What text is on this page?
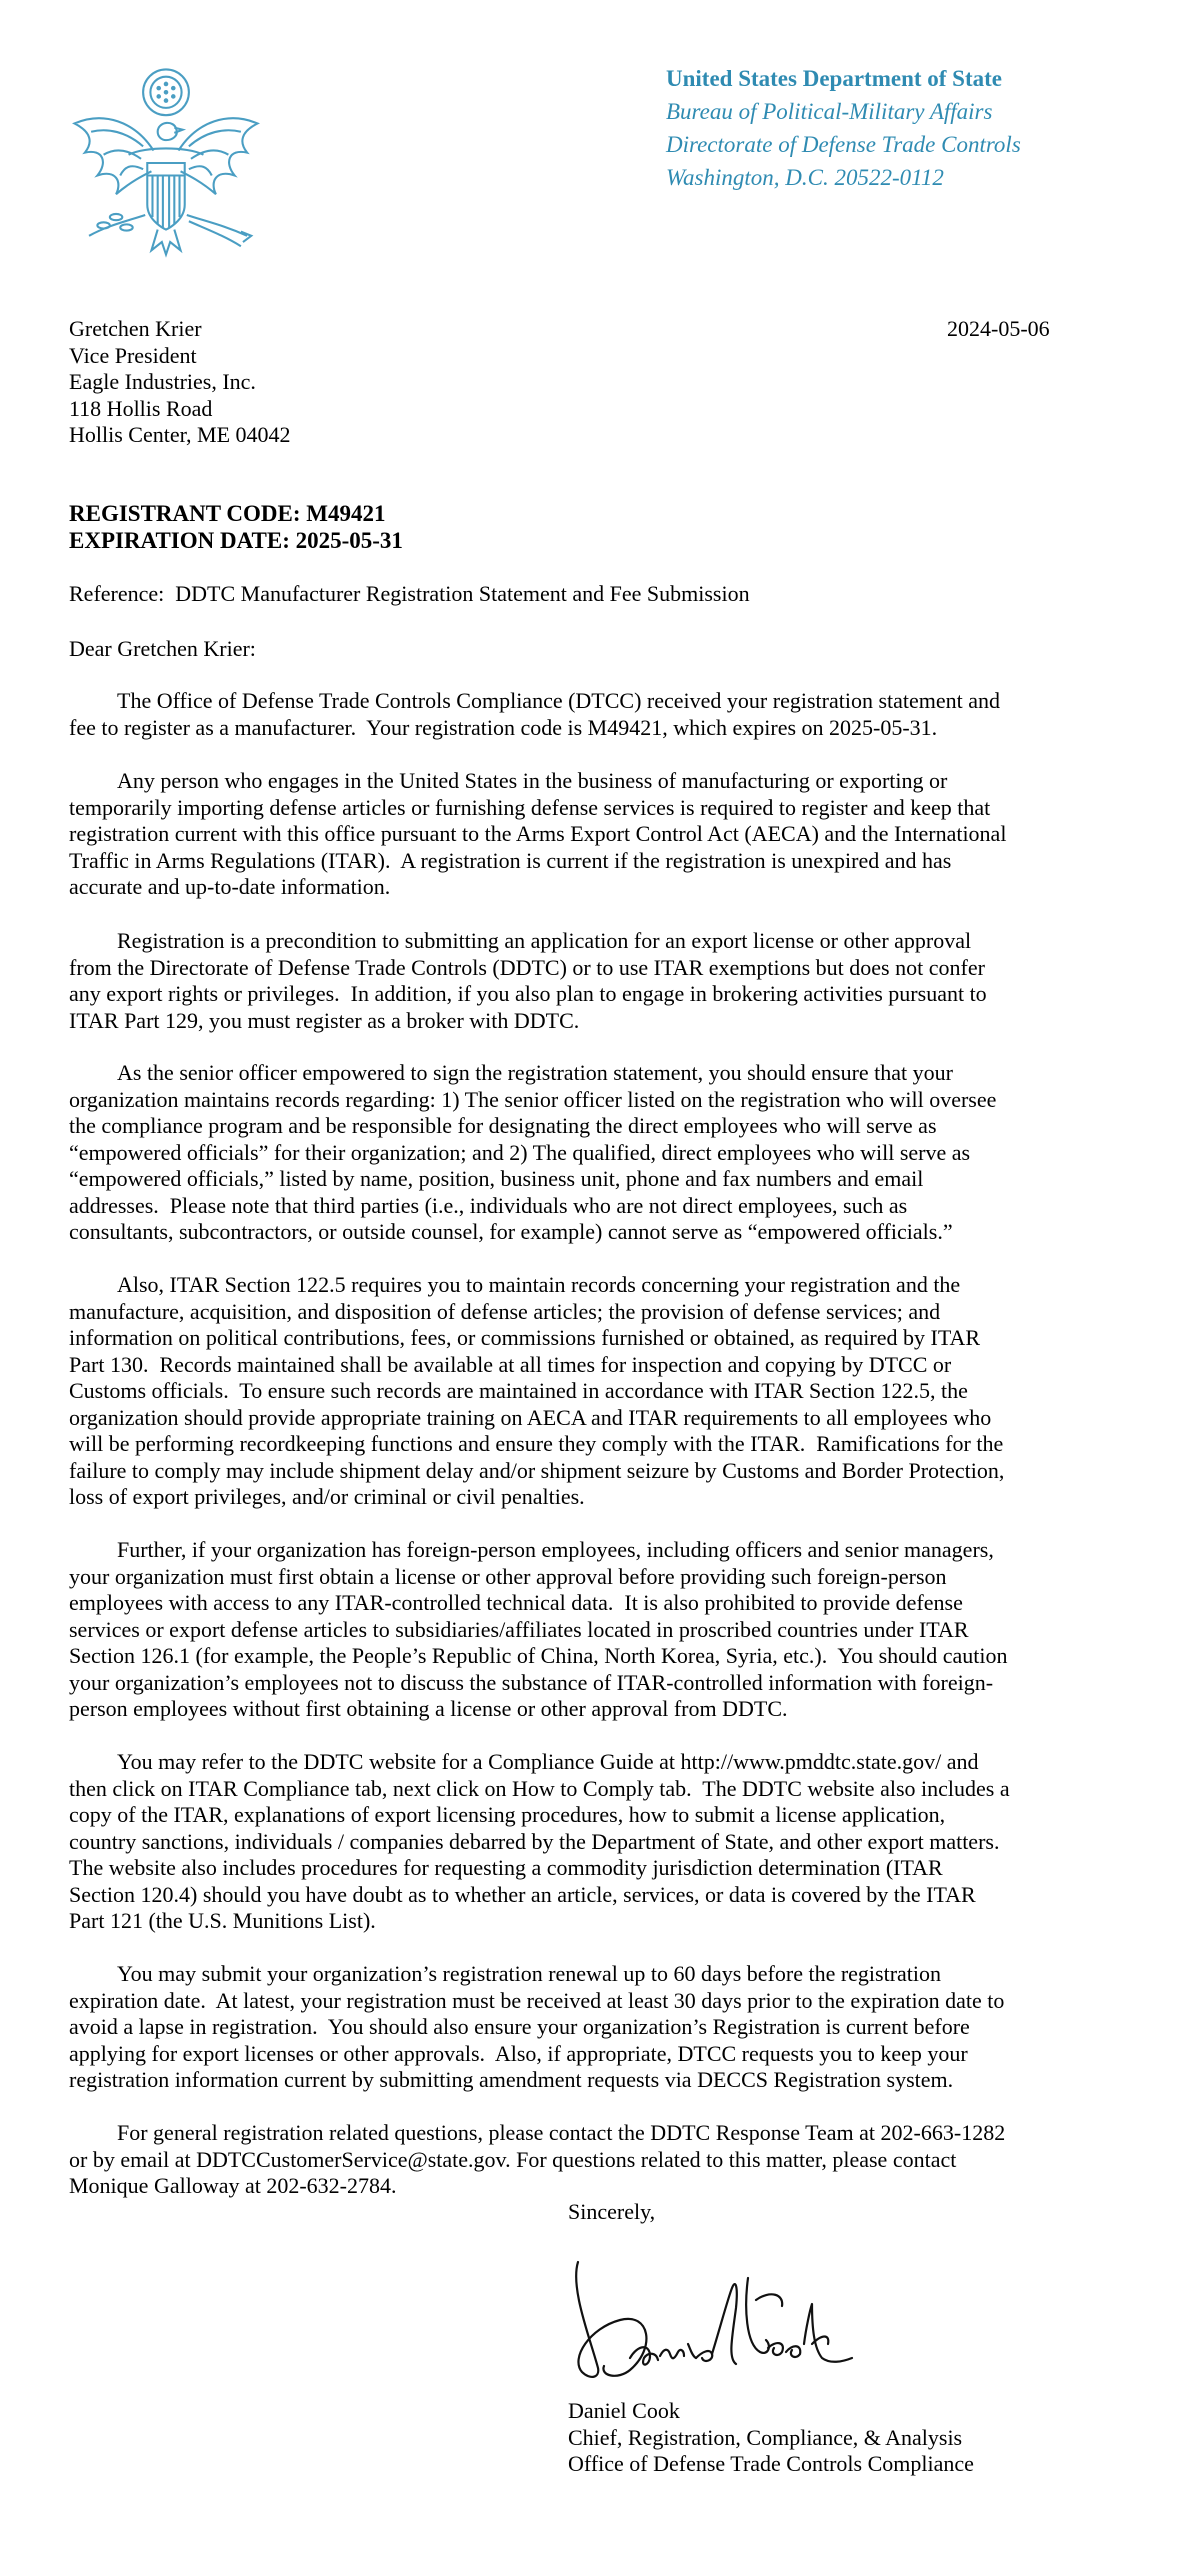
United States Department of State
Bureau of Political-Military Affairs
Directorate of Defense Trade Controls
Washington, D.C. 20522-0112
Gretchen Krier
Vice President
Eagle Industries, Inc.
118 Hollis Road
Hollis Center, ME 04042
2024-05-06
REGISTRANT CODE: M49421
EXPIRATION DATE: 2025-05-31
Reference:  DDTC Manufacturer Registration Statement and Fee Submission
Dear Gretchen Krier:
The Office of Defense Trade Controls Compliance (DTCC) received your registration statement and
fee to register as a manufacturer.  Your registration code is M49421, which expires on 2025-05-31.
Any person who engages in the United States in the business of manufacturing or exporting or
temporarily importing defense articles or furnishing defense services is required to register and keep that
registration current with this office pursuant to the Arms Export Control Act (AECA) and the International
Traffic in Arms Regulations (ITAR).  A registration is current if the registration is unexpired and has
accurate and up-to-date information.
Registration is a precondition to submitting an application for an export license or other approval
from the Directorate of Defense Trade Controls (DDTC) or to use ITAR exemptions but does not confer
any export rights or privileges.  In addition, if you also plan to engage in brokering activities pursuant to
ITAR Part 129, you must register as a broker with DDTC.
As the senior officer empowered to sign the registration statement, you should ensure that your
organization maintains records regarding: 1) The senior officer listed on the registration who will oversee
the compliance program and be responsible for designating the direct employees who will serve as
“empowered officials” for their organization; and 2) The qualified, direct employees who will serve as
“empowered officials,” listed by name, position, business unit, phone and fax numbers and email
addresses.  Please note that third parties (i.e., individuals who are not direct employees, such as
consultants, subcontractors, or outside counsel, for example) cannot serve as “empowered officials.”
Also, ITAR Section 122.5 requires you to maintain records concerning your registration and the
manufacture, acquisition, and disposition of defense articles; the provision of defense services; and
information on political contributions, fees, or commissions furnished or obtained, as required by ITAR
Part 130.  Records maintained shall be available at all times for inspection and copying by DTCC or
Customs officials.  To ensure such records are maintained in accordance with ITAR Section 122.5, the
organization should provide appropriate training on AECA and ITAR requirements to all employees who
will be performing recordkeeping functions and ensure they comply with the ITAR.  Ramifications for the
failure to comply may include shipment delay and/or shipment seizure by Customs and Border Protection,
loss of export privileges, and/or criminal or civil penalties.
Further, if your organization has foreign-person employees, including officers and senior managers,
your organization must first obtain a license or other approval before providing such foreign-person
employees with access to any ITAR-controlled technical data.  It is also prohibited to provide defense
services or export defense articles to subsidiaries/affiliates located in proscribed countries under ITAR
Section 126.1 (for example, the People’s Republic of China, North Korea, Syria, etc.).  You should caution
your organization’s employees not to discuss the substance of ITAR-controlled information with foreign-
person employees without first obtaining a license or other approval from DDTC.
You may refer to the DDTC website for a Compliance Guide at http://www.pmddtc.state.gov/ and
then click on ITAR Compliance tab, next click on How to Comply tab.  The DDTC website also includes a
copy of the ITAR, explanations of export licensing procedures, how to submit a license application,
country sanctions, individuals / companies debarred by the Department of State, and other export matters.
The website also includes procedures for requesting a commodity jurisdiction determination (ITAR
Section 120.4) should you have doubt as to whether an article, services, or data is covered by the ITAR
Part 121 (the U.S. Munitions List).
You may submit your organization’s registration renewal up to 60 days before the registration
expiration date.  At latest, your registration must be received at least 30 days prior to the expiration date to
avoid a lapse in registration.  You should also ensure your organization’s Registration is current before
applying for export licenses or other approvals.  Also, if appropriate, DTCC requests you to keep your
registration information current by submitting amendment requests via DECCS Registration system.
For general registration related questions, please contact the DDTC Response Team at 202-663-1282
or by email at DDTCCustomerService@state.gov. For questions related to this matter, please contact
Monique Galloway at 202-632-2784.
Sincerely,
Daniel Cook
Chief, Registration, Compliance, & Analysis
Office of Defense Trade Controls Compliance
